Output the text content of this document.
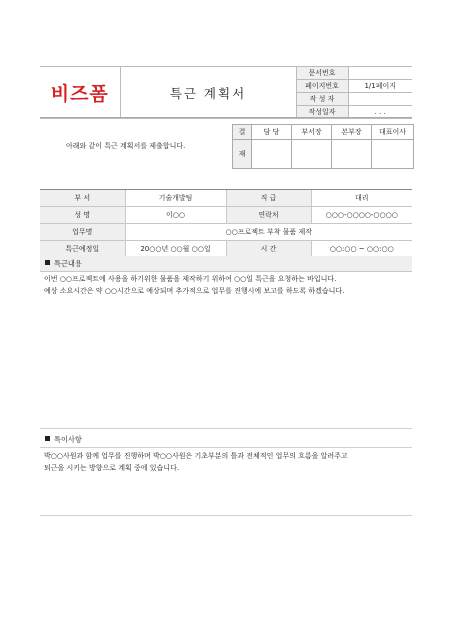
비즈폼	특근 계획서	문서번호	
		페이지번호	1/1페이지
		작 성 자	
		작성일자	. . .
아래와 같이 특근 계획서를 제출합니다.
결	담 당	부서장	본부장	대표이사
재				
부 서	기술개발팀	직 급	대리
성 명	이○○	연락처	○○○-○○○○-○○○○
업무명	○○프로젝트 부착 물품 제작		
특근예정일	20○○년 ○○월 ○○일	시 간	○○:○○ ~ ○○:○○
특근내용
이번 ○○프로젝트에 사용을 하기위한 물품을 제작하기 위하여 ○○일 특근을 요청하는 바입니다.
예상 소요시간은 약 ○○시간으로 예상되며 추가적으로 업무를 진행시에 보고를 하도록 하겠습니다.
특이사항
박○○사원과 함께 업무를 진행하며 박○○사원은 기초부분의 틀과 전체적인 업무의 흐름을 알려주고
퇴근을 시키는 방향으로 계획 중에 있습니다.
